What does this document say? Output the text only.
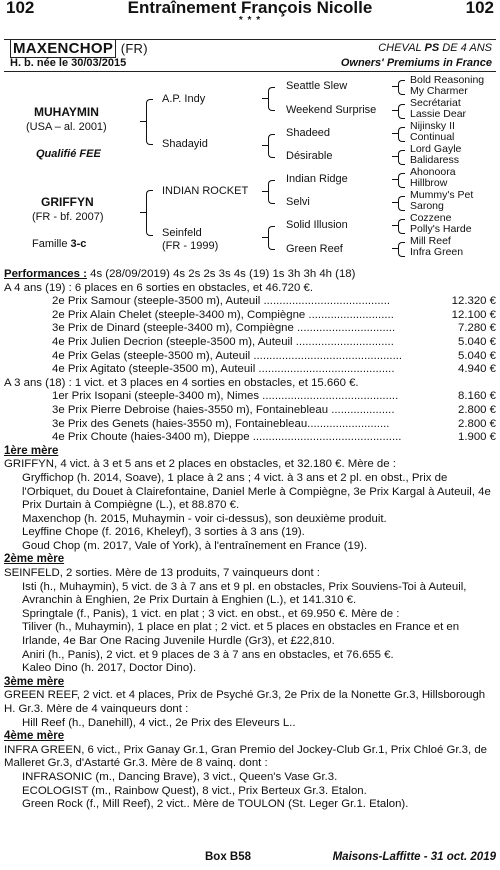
102	Entraînement François Nicolle	102
* * *
MAXENCHOP (FR)	CHEVAL PS DE 4 ANS
H. b. née le 30/03/2015	Owners' Premiums in France
MUHAYMIN
(USA – al. 2001)
Qualifié FEE
GRIFFYN
(FR - bf. 2007)
Famille 3-c
A.P. Indy
Shadayid
INDIAN ROCKET
Seinfeld
(FR - 1999)
Seattle Slew
Weekend Surprise
Shadeed
Désirable
Indian Ridge
Selvi
Solid Illusion
Green Reef
Bold Reasoning
My Charmer
Secrétariat
Lassie Dear
Nijinsky II
Continual
Lord Gayle
Balidaress
Ahonoora
Hillbrow
Mummy's Pet
Sarong
Cozzene
Polly's Harde
Mill Reef
Infra Green

Performances : 4s (28/09/2019) 4s 2s 2s 3s 4s (19) 1s 3h 3h 4h (18)

A 4 ans (19) : 6 places en 6 sorties en obstacles, et 46.720 €.

2e Prix Samour (steeple-3500 m), Auteuil ........................................	12.320 €
2e Prix Alain Chelet (steeple-3400 m), Compiègne ...........................	12.100 €
3e Prix de Dinard (steeple-3400 m), Compiègne ...............................	7.280 €
4e Prix Julien Decrion (steeple-3500 m), Auteuil ...............................	5.040 €
4e Prix Gelas (steeple-3500 m), Auteuil ...............................................	5.040 €
4e Prix Agitato (steeple-3500 m), Auteuil ...........................................	4.940 €

A 3 ans (18) : 1 vict. et 3 places en 4 sorties en obstacles, et 15.660 €.

1er Prix Isopani (steeple-3400 m), Nimes ...........................................	8.160 €
3e Prix Pierre Debroise (haies-3550 m), Fontainebleau ....................	2.800 €
3e Prix des Genets (haies-3550 m), Fontainebleau..........................	2.800 €
4e Prix Choute (haies-3400 m), Dieppe ...............................................	1.900 €

1ère mère

GRIFFYN, 4 vict. à 3 et 5 ans et 2 places en obstacles, et 32.180 €. Mère de :

Gryffichop (h. 2014, Soave), 1 place à 2 ans ; 4 vict. à 3 ans et 2 pl. en obst., Prix de l'Orbiquet, du Douet à Clairefontaine, Daniel Merle à Compiègne, 3e Prix Kargal à Auteuil, 4e Prix Durtain à Compiègne (L.), et 88.870 €.

Maxenchop (h. 2015, Muhaymin - voir ci-dessus), son deuxième produit.

Leyffine Chope (f. 2016, Kheleyf), 3 sorties à 3 ans (19).

Goud Chop (m. 2017, Vale of York), à l'entraînement en France (19).

2ème mère

SEINFELD, 2 sorties. Mère de 13 produits, 7 vainqueurs dont :

Isti (h., Muhaymin), 5 vict. de 3 à 7 ans et 9 pl. en obstacles, Prix Souviens-Toi à Auteuil, Avranchin à Enghien, 2e Prix Durtain à Enghien (L.), et 141.310 €.

Springtale (f., Panis), 1 vict. en plat ; 3 vict. en obst., et 69.950 €. Mère de :

Tiliver (h., Muhaymin), 1 place en plat ; 2 vict. et 5 places en obstacles en France et en Irlande, 4e Bar One Racing Juvenile Hurdle (Gr3), et £22,810.

Aniri (h., Panis), 2 vict. et 9 places de 3 à 7 ans en obstacles, et 76.655 €.

Kaleo Dino (h. 2017, Doctor Dino).

3ème mère

GREEN REEF, 2 vict. et 4 places, Prix de Psyché Gr.3, 2e Prix de la Nonette Gr.3, Hillsborough H. Gr.3. Mère de 4 vainqueurs dont :

Hill Reef (h., Danehill), 4 vict., 2e Prix des Eleveurs L..

4ème mère

INFRA GREEN, 6 vict., Prix Ganay Gr.1, Gran Premio del Jockey-Club Gr.1, Prix Chloé Gr.3, de Malleret Gr.3, d'Astarté Gr.3. Mère de 8 vainq. dont :

INFRASONIC (m., Dancing Brave), 3 vict., Queen's Vase Gr.3.

ECOLOGIST (m., Rainbow Quest), 8 vict., Prix Berteux Gr.3. Etalon.

Green Rock (f., Mill Reef), 2 vict.. Mère de TOULON (St. Leger Gr.1. Etalon).

Box B58	Maisons-Laffitte - 31 oct. 2019
